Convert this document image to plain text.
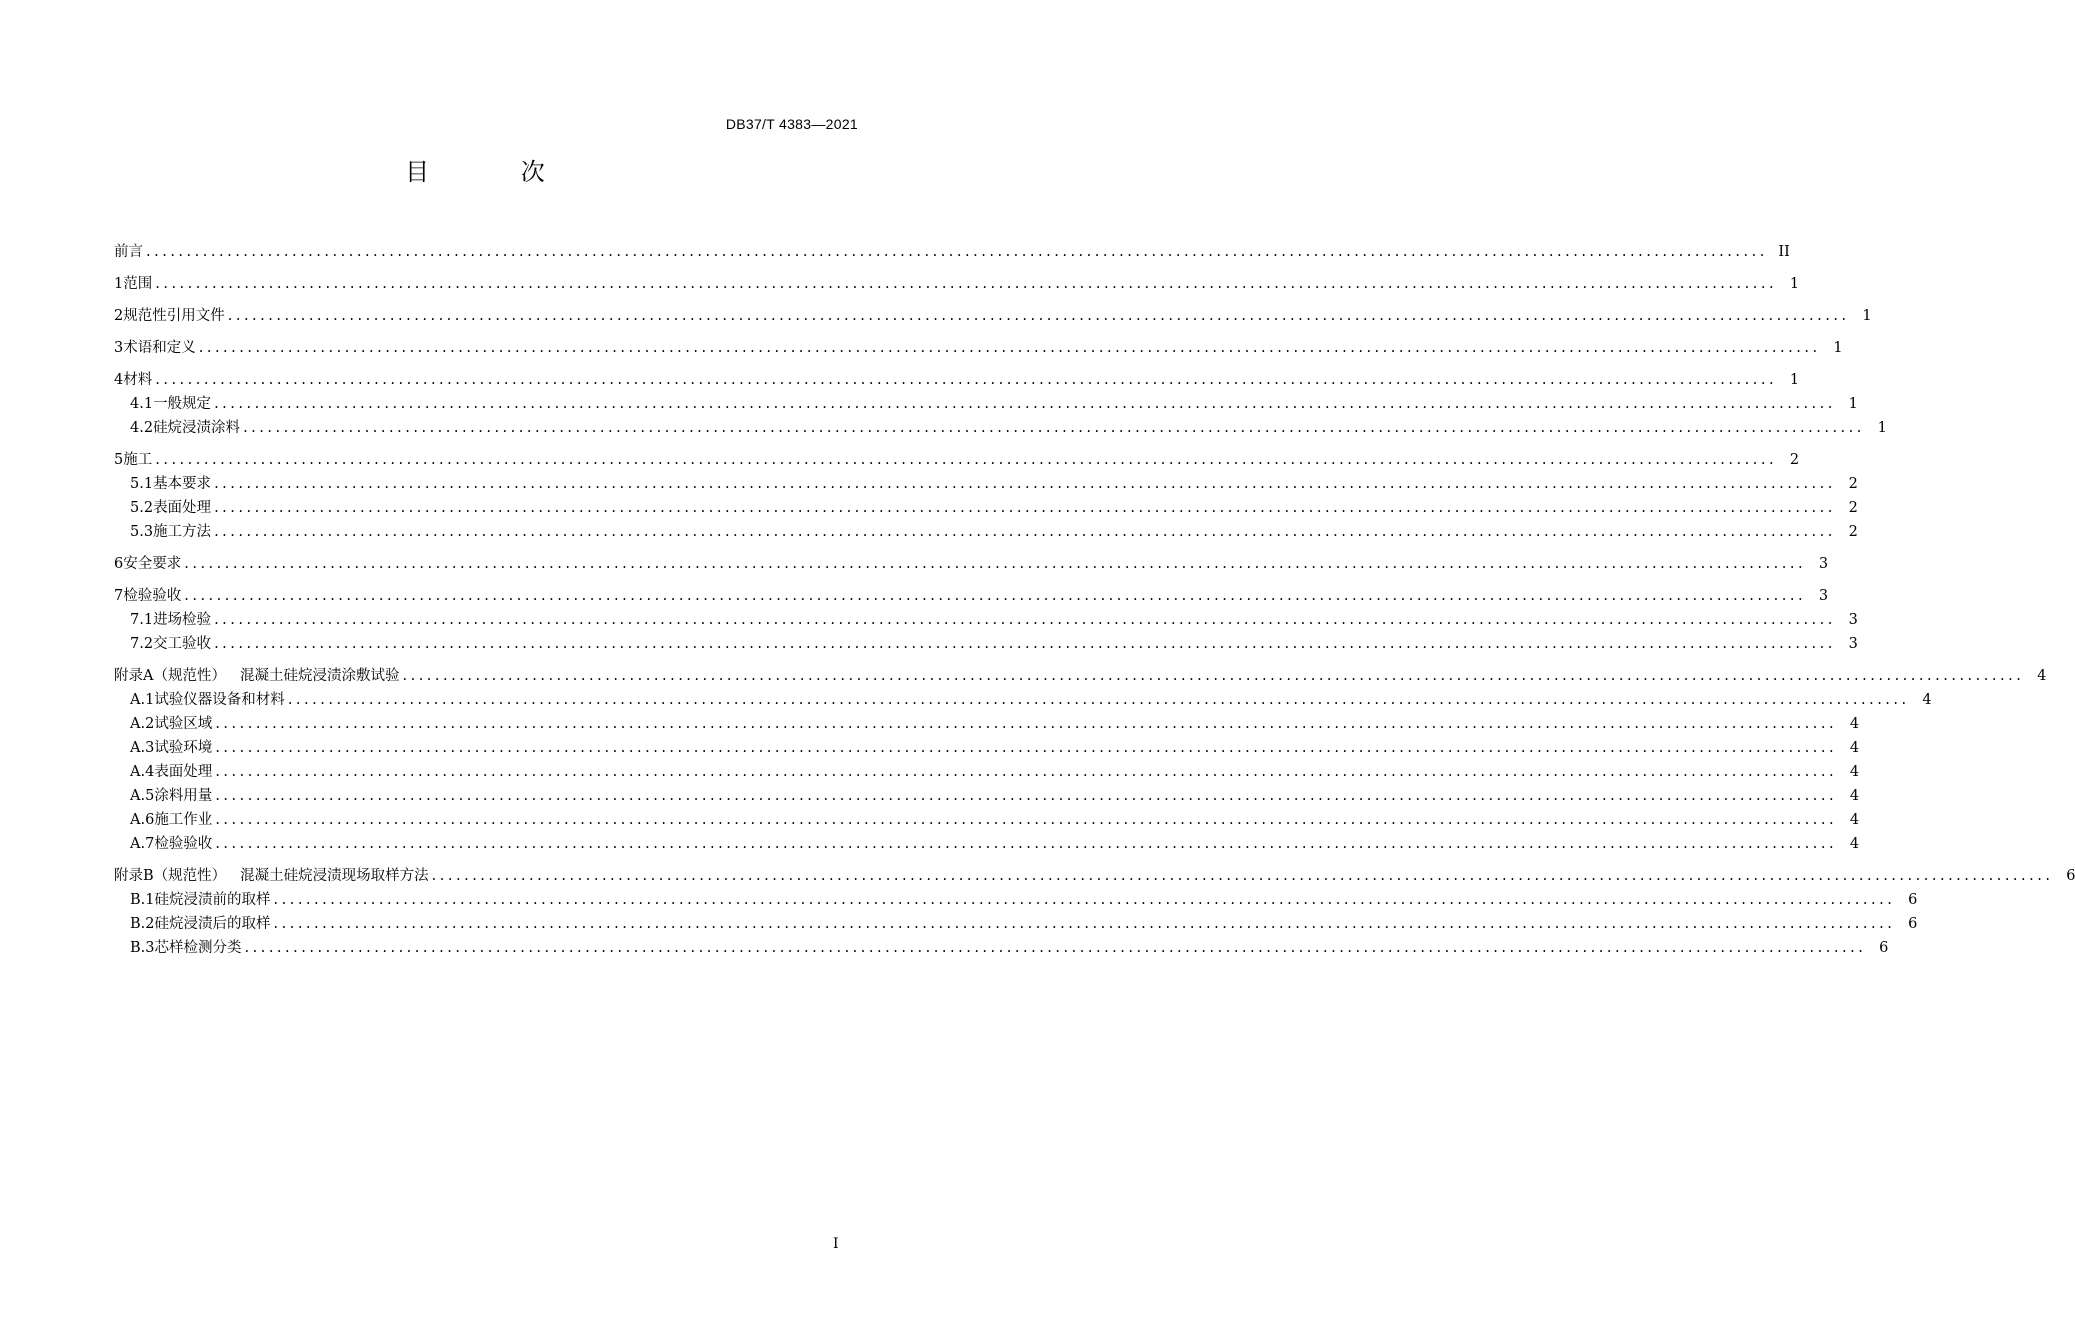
DB37/T 4383—2021
目 次
前言 ........................................................................................................................................................................................................ II
1 范围 ........................................................................................................................................................................................................ 1
2 规范性引用文件 ........................................................................................................................................................................................................ 1
3 术语和定义 ........................................................................................................................................................................................................ 1
4 材料 ........................................................................................................................................................................................................ 1
4.1 一般规定 ........................................................................................................................................................................................................ 1
4.2 硅烷浸渍涂料 ........................................................................................................................................................................................................ 1
5 施工 ........................................................................................................................................................................................................ 2
5.1 基本要求 ........................................................................................................................................................................................................ 2
5.2 表面处理 ........................................................................................................................................................................................................ 2
5.3 施工方法 ........................................................................................................................................................................................................ 2
6 安全要求 ........................................................................................................................................................................................................ 3
7 检验验收 ........................................................................................................................................................................................................ 3
7.1 进场检验 ........................................................................................................................................................................................................ 3
7.2 交工验收 ........................................................................................................................................................................................................ 3
附录A（规范性） 混凝土硅烷浸渍涂敷试验 ........................................................................................................................................................................................................ 4
A.1 试验仪器设备和材料 ........................................................................................................................................................................................................ 4
A.2 试验区域 ........................................................................................................................................................................................................ 4
A.3 试验环境 ........................................................................................................................................................................................................ 4
A.4 表面处理 ........................................................................................................................................................................................................ 4
A.5 涂料用量 ........................................................................................................................................................................................................ 4
A.6 施工作业 ........................................................................................................................................................................................................ 4
A.7 检验验收 ........................................................................................................................................................................................................ 4
附录B（规范性） 混凝土硅烷浸渍现场取样方法 ........................................................................................................................................................................................................ 6
B.1 硅烷浸渍前的取样 ........................................................................................................................................................................................................ 6
B.2 硅烷浸渍后的取样 ........................................................................................................................................................................................................ 6
B.3 芯样检测分类 ........................................................................................................................................................................................................ 6
I
